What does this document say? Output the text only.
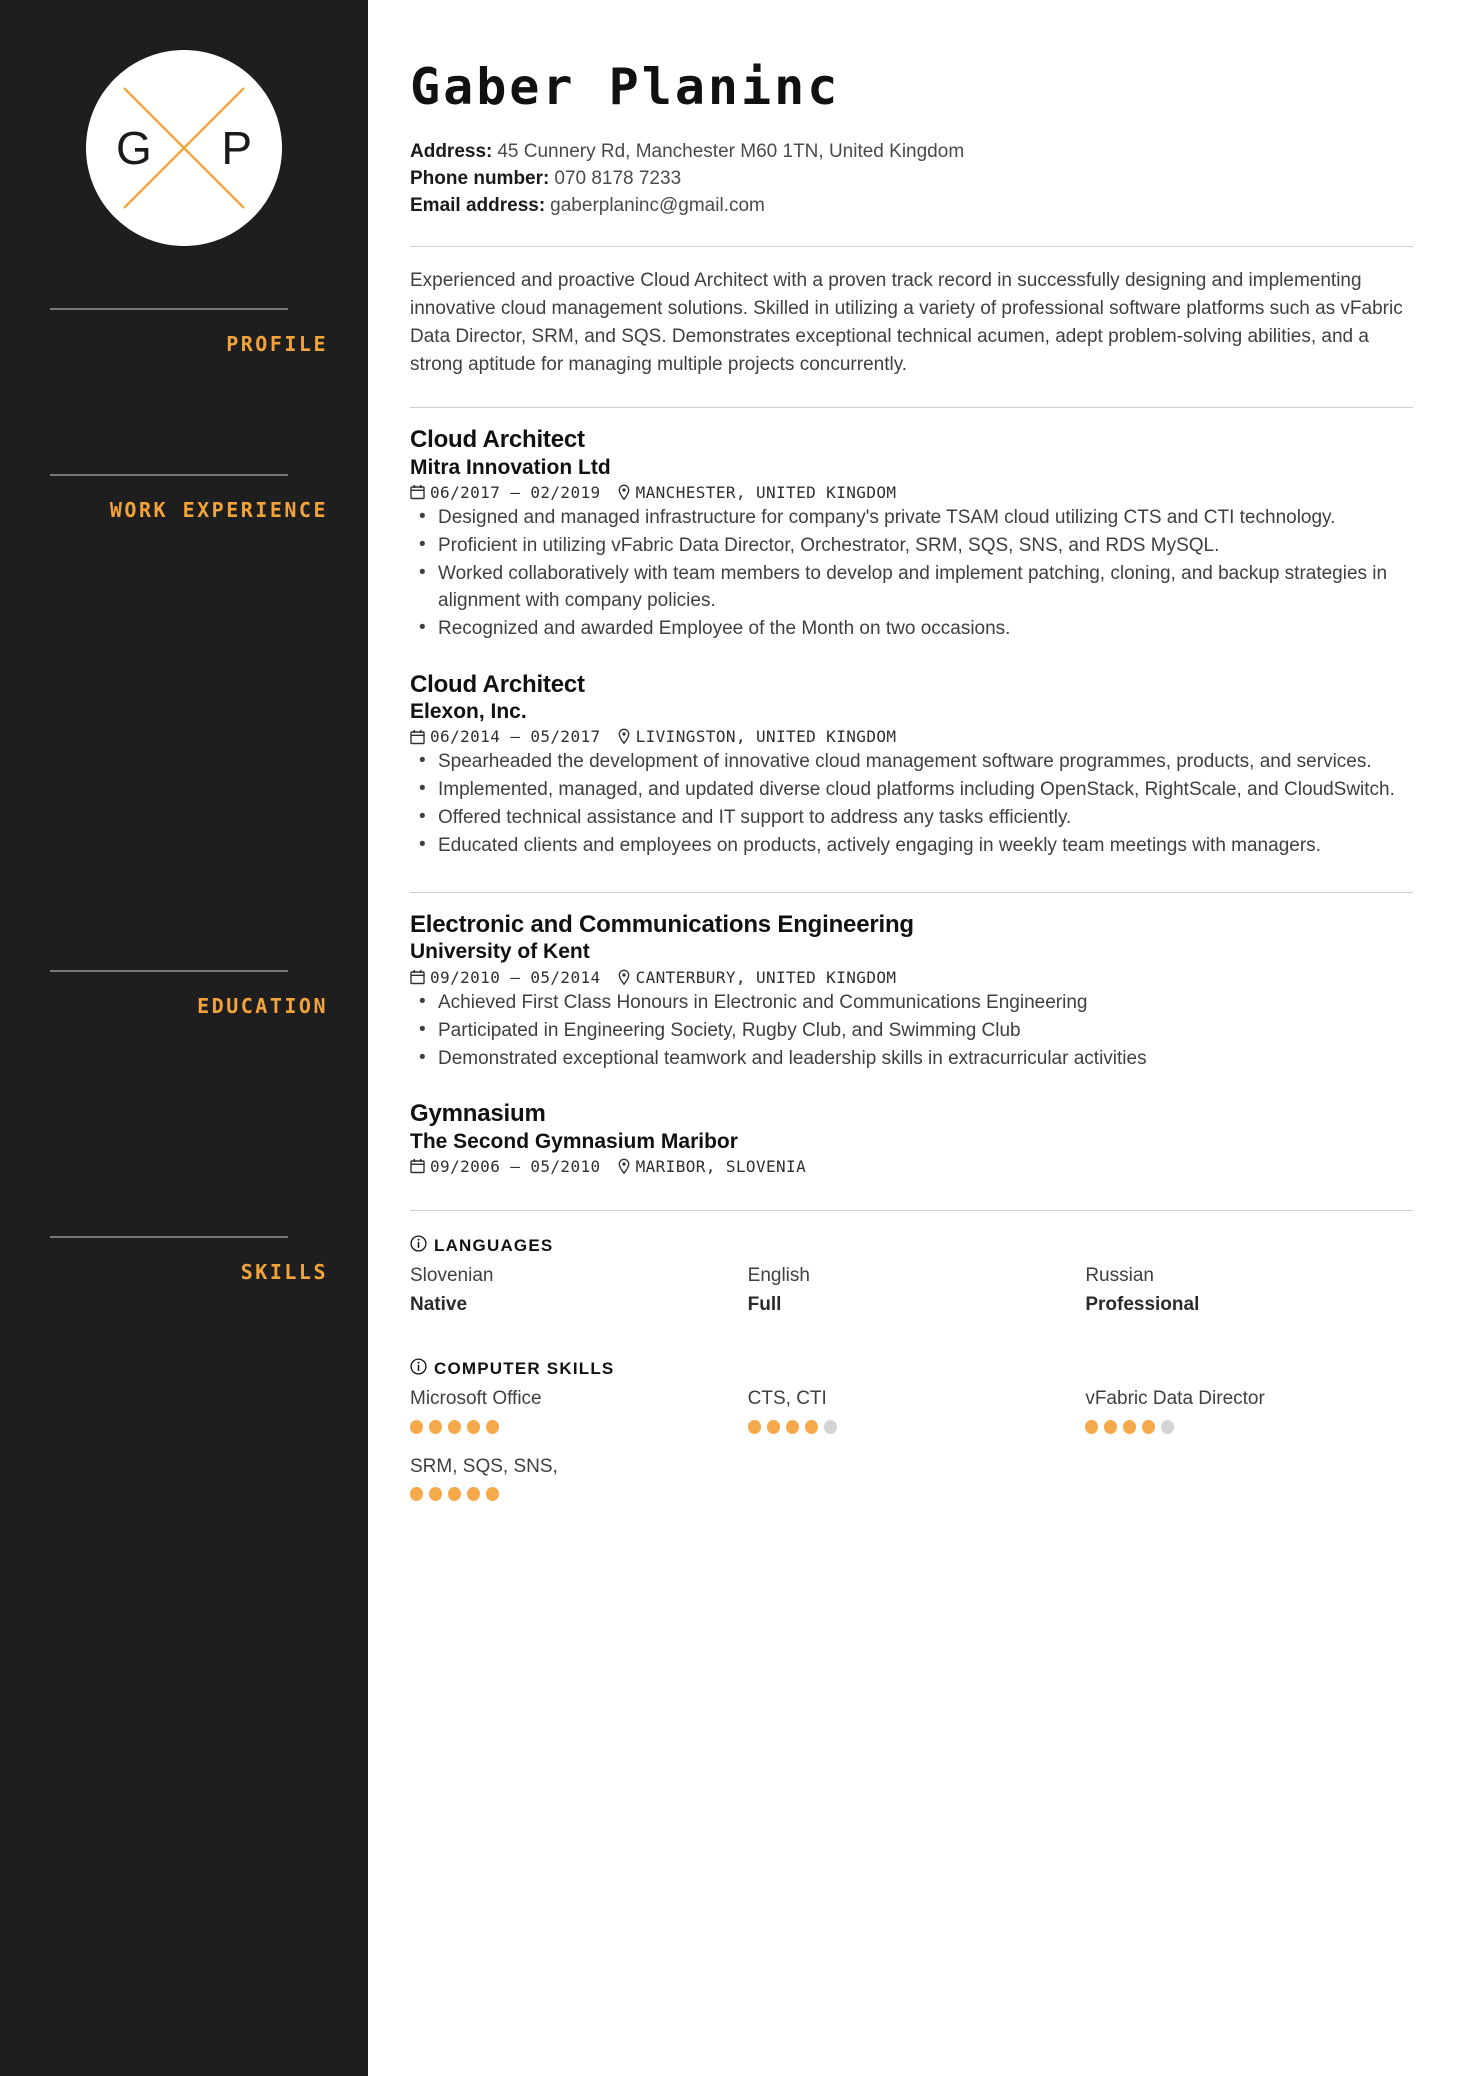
G P
PROFILE
WORK EXPERIENCE
EDUCATION
SKILLS
Gaber Planinc
Address: 45 Cunnery Rd, Manchester M60 1TN, United Kingdom
Phone number: 070 8178 7233
Email address: gaberplaninc@gmail.com

Experienced and proactive Cloud Architect with a proven track record in successfully designing and implementing innovative cloud management solutions. Skilled in utilizing a variety of professional software platforms such as vFabric Data Director, SRM, and SQS. Demonstrates exceptional technical acumen, adept problem-solving abilities, and a strong aptitude for managing multiple projects concurrently.

Cloud Architect
Mitra Innovation Ltd
06/2017 – 02/2019 MANCHESTER, UNITED KINGDOM
• Designed and managed infrastructure for company's private TSAM cloud utilizing CTS and CTI technology.
• Proficient in utilizing vFabric Data Director, Orchestrator, SRM, SQS, SNS, and RDS MySQL.
• Worked collaboratively with team members to develop and implement patching, cloning, and backup strategies in alignment with company policies.
• Recognized and awarded Employee of the Month on two occasions.
Cloud Architect
Elexon, Inc.
06/2014 – 05/2017 LIVINGSTON, UNITED KINGDOM
• Spearheaded the development of innovative cloud management software programmes, products, and services.
• Implemented, managed, and updated diverse cloud platforms including OpenStack, RightScale, and CloudSwitch.
• Offered technical assistance and IT support to address any tasks efficiently.
• Educated clients and employees on products, actively engaging in weekly team meetings with managers.
Electronic and Communications Engineering
University of Kent
09/2010 – 05/2014 CANTERBURY, UNITED KINGDOM
• Achieved First Class Honours in Electronic and Communications Engineering
• Participated in Engineering Society, Rugby Club, and Swimming Club
• Demonstrated exceptional teamwork and leadership skills in extracurricular activities
Gymnasium
The Second Gymnasium Maribor
09/2006 – 05/2010 MARIBOR, SLOVENIA
LANGUAGES
Slovenian
Native
English
Full
Russian
Professional
COMPUTER SKILLS
Microsoft Office	CTS, CTI	vFabric Data Director
SRM, SQS, SNS,
